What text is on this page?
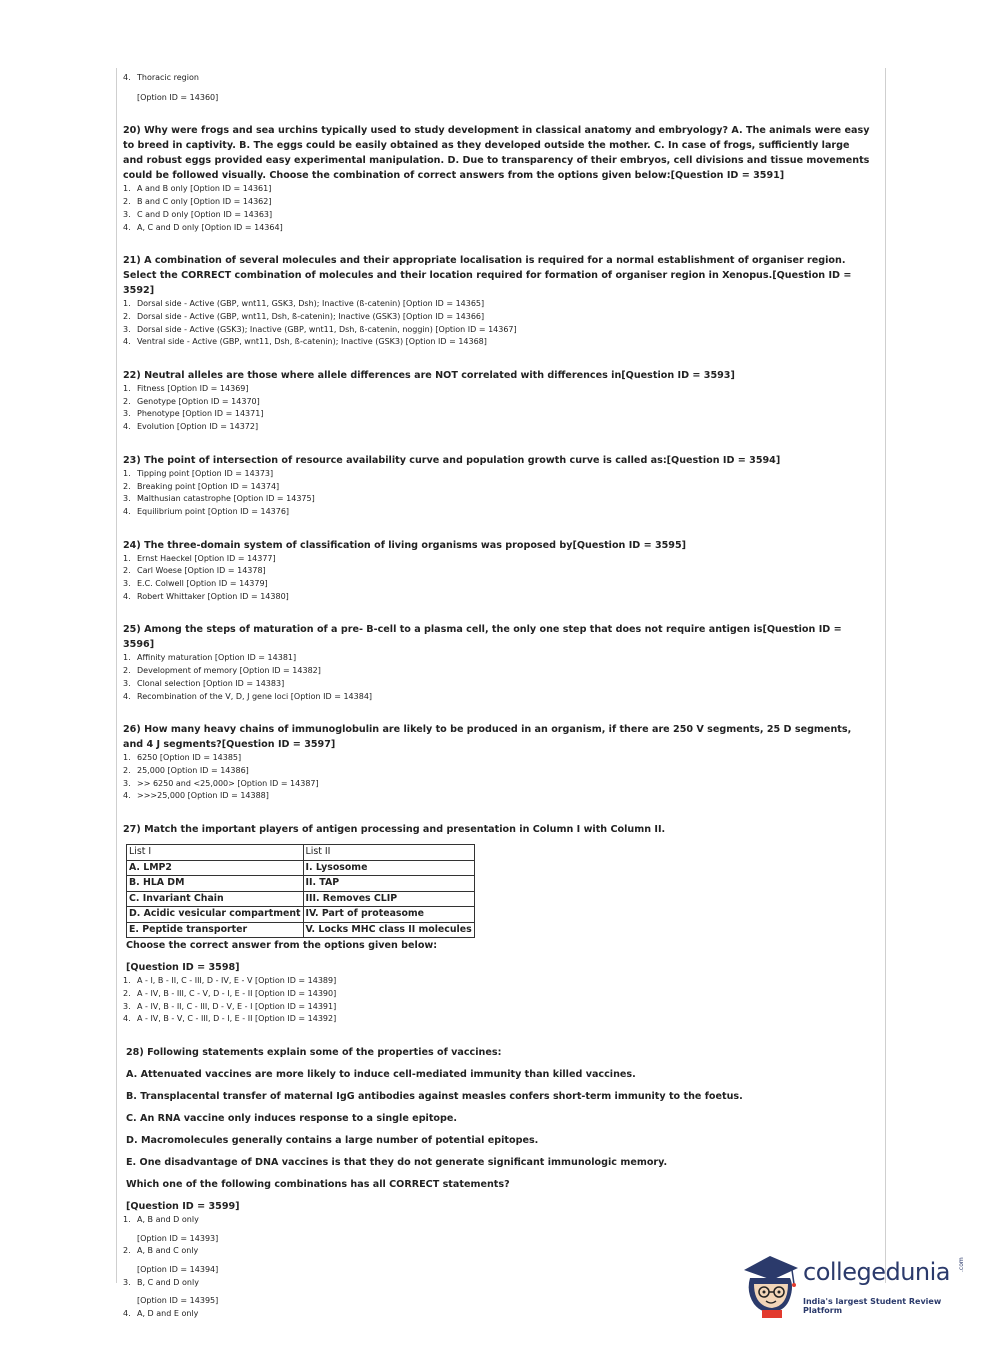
4. Thoracic region

[Option ID = 14360]

20) Why were frogs and sea urchins typically used to study development in classical anatomy and embryology? A. The animals were easy to breed in captivity. B. The eggs could be easily obtained as they developed outside the mother. C. In case of frogs, sufficiently large and robust eggs provided easy experimental manipulation. D. Due to transparency of their embryos, cell divisions and tissue movements could be followed visually. Choose the combination of correct answers from the options given below:[Question ID = 3591]

1. A and B only [Option ID = 14361]

2. B and C only [Option ID = 14362]

3. C and D only [Option ID = 14363]

4. A, C and D only [Option ID = 14364]

21) A combination of several molecules and their appropriate localisation is required for a normal establishment of organiser region. Select the CORRECT combination of molecules and their location required for formation of organiser region in Xenopus.[Question ID = 3592]

1. Dorsal side - Active (GBP, wnt11, GSK3, Dsh); Inactive (ß-catenin) [Option ID = 14365]

2. Dorsal side - Active (GBP, wnt11, Dsh, ß-catenin); Inactive (GSK3) [Option ID = 14366]

3. Dorsal side - Active (GSK3); Inactive (GBP, wnt11, Dsh, ß-catenin, noggin) [Option ID = 14367]

4. Ventral side - Active (GBP, wnt11, Dsh, ß-catenin); Inactive (GSK3) [Option ID = 14368]

22) Neutral alleles are those where allele differences are NOT correlated with differences in[Question ID = 3593]

1. Fitness [Option ID = 14369]

2. Genotype [Option ID = 14370]

3. Phenotype [Option ID = 14371]

4. Evolution [Option ID = 14372]

23) The point of intersection of resource availability curve and population growth curve is called as:[Question ID = 3594]

1. Tipping point [Option ID = 14373]

2. Breaking point [Option ID = 14374]

3. Malthusian catastrophe [Option ID = 14375]

4. Equilibrium point [Option ID = 14376]

24) The three-domain system of classification of living organisms was proposed by[Question ID = 3595]

1. Ernst Haeckel [Option ID = 14377]

2. Carl Woese [Option ID = 14378]

3. E.C. Colwell [Option ID = 14379]

4. Robert Whittaker [Option ID = 14380]

25) Among the steps of maturation of a pre- B-cell to a plasma cell, the only one step that does not require antigen is[Question ID = 3596]

1. Affinity maturation [Option ID = 14381]

2. Development of memory [Option ID = 14382]

3. Clonal selection [Option ID = 14383]

4. Recombination of the V, D, J gene loci [Option ID = 14384]

26) How many heavy chains of immunoglobulin are likely to be produced in an organism, if there are 250 V segments, 25 D segments, and 4 J segments?[Question ID = 3597]

1. 6250 [Option ID = 14385]

2. 25,000 [Option ID = 14386]

3. >> 6250 and <25,000> [Option ID = 14387]

4. >>>25,000 [Option ID = 14388]

27) Match the important players of antigen processing and presentation in Column I with Column II.

List I	List II
A. LMP2	I. Lysosome
B. HLA DM	II. TAP
C. Invariant Chain	III. Removes CLIP
D. Acidic vesicular compartment	IV. Part of proteasome
E. Peptide transporter	V. Locks MHC class II molecules

Choose the correct answer from the options given below:

[Question ID = 3598]

1. A - I, B - II, C - III, D - IV, E - V [Option ID = 14389]

2. A - IV, B - III, C - V, D - I, E - II [Option ID = 14390]

3. A - IV, B - II, C - III, D - V, E - I [Option ID = 14391]

4. A - IV, B - V, C - III, D - I, E - II [Option ID = 14392]

28) Following statements explain some of the properties of vaccines:

A. Attenuated vaccines are more likely to induce cell-mediated immunity than killed vaccines.

B. Transplacental transfer of maternal IgG antibodies against measles confers short-term immunity to the foetus.

C. An RNA vaccine only induces response to a single epitope.

D. Macromolecules generally contains a large number of potential epitopes.

E. One disadvantage of DNA vaccines is that they do not generate significant immunologic memory.

Which one of the following combinations has all CORRECT statements?

[Question ID = 3599]

1. A, B and D only

[Option ID = 14393]

2. A, B and C only

[Option ID = 14394]

3. B, C and D only

[Option ID = 14395]

4. A, D and E only

collegedunia .com
India's largest Student Review Platform
